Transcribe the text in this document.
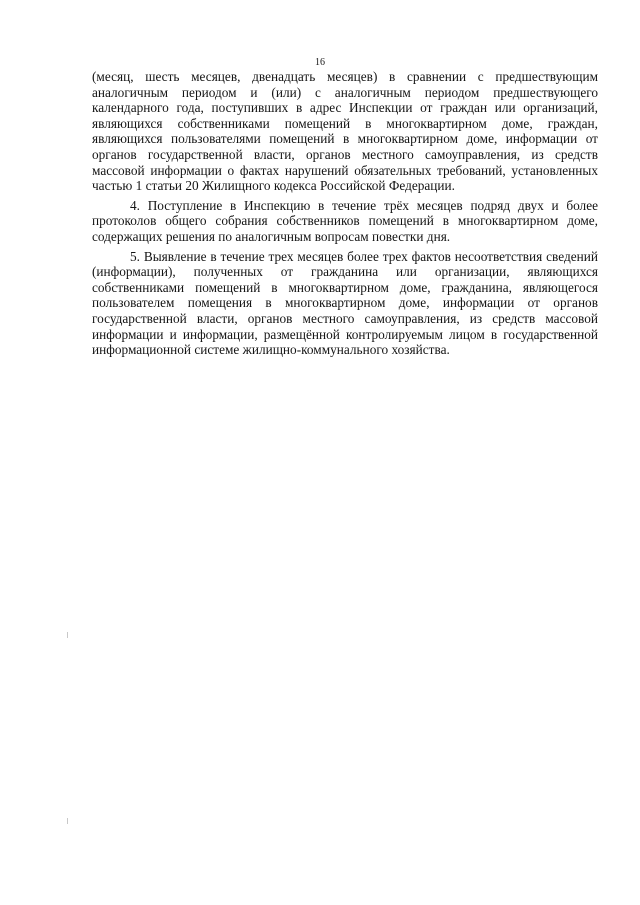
16

(месяц, шесть месяцев, двенадцать месяцев) в сравнении с предшествующим аналогичным периодом и (или) с аналогичным периодом предшествующего календарного года, поступивших в адрес Инспекции от граждан или организаций, являющихся собственниками помещений в многоквартирном доме, граждан, являющихся пользователями помещений в многоквартирном доме, информации от органов государственной власти, органов местного самоуправления, из средств массовой информации о фактах нарушений обязательных требований, установленных частью 1 статьи 20 Жилищного кодекса Российской Федерации.

4. Поступление в Инспекцию в течение трёх месяцев подряд двух и более протоколов общего собрания собственников помещений в многоквартирном доме, содержащих решения по аналогичным вопросам повестки дня.

5. Выявление в течение трех месяцев более трех фактов несоответствия сведений (информации), полученных от гражданина или организации, являющихся собственниками помещений в многоквартирном доме, гражданина, являющегося пользователем помещения в многоквартирном доме, информации от органов государственной власти, органов местного самоуправления, из средств массовой информации и информации, размещённой контролируемым лицом в государственной информационной системе жилищно-коммунального хозяйства.
